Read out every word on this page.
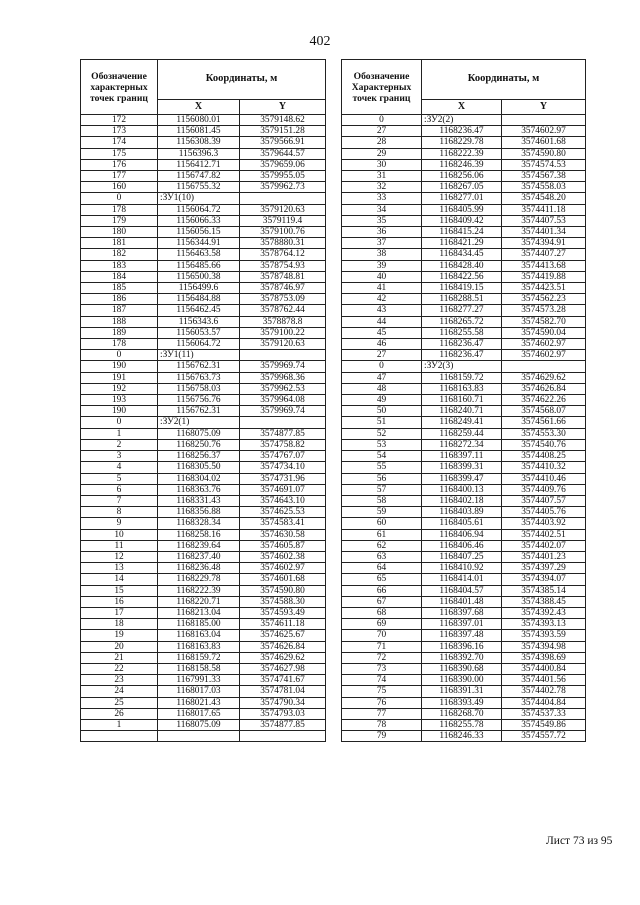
402
Обозначение характерных точек границ	Координаты, м	
	X	Y
172	1156080.01	3579148.62
173	1156081.45	3579151.28
174	1156308.39	3579566.91
175	1156396.3	3579644.57
176	1156412.71	3579659.06
177	1156747.82	3579955.05
160	1156755.32	3579962.73
0	:ЗУ1(10)	
178	1156064.72	3579120.63
179	1156066.33	3579119.4
180	1156056.15	3579100.76
181	1156344.91	3578880.31
182	1156463.58	3578764.12
183	1156485.66	3578754.93
184	1156500.38	3578748.81
185	1156499.6	3578746.97
186	1156484.88	3578753.09
187	1156462.45	3578762.44
188	1156343.6	3578878.8
189	1156053.57	3579100.22
178	1156064.72	3579120.63
0	:ЗУ1(11)	
190	1156762.31	3579969.74
191	1156763.73	3579968.36
192	1156758.03	3579962.53
193	1156756.76	3579964.08
190	1156762.31	3579969.74
0	:ЗУ2(1)	
1	1168075.09	3574877.85
2	1168250.76	3574758.82
3	1168256.37	3574767.07
4	1168305.50	3574734.10
5	1168304.02	3574731.96
6	1168363.76	3574691.07
7	1168331.43	3574643.10
8	1168356.88	3574625.53
9	1168328.34	3574583.41
10	1168258.16	3574630.58
11	1168239.64	3574605.87
12	1168237.40	3574602.38
13	1168236.48	3574602.97
14	1168229.78	3574601.68
15	1168222.39	3574590.80
16	1168220.71	3574588.30
17	1168213.04	3574593.49
18	1168185.00	3574611.18
19	1168163.04	3574625.67
20	1168163.83	3574626.84
21	1168159.72	3574629.62
22	1168158.58	3574627.98
23	1167991.33	3574741.67
24	1168017.03	3574781.04
25	1168021.43	3574790.34
26	1168017.65	3574793.03
1	1168075.09	3574877.85

Обозначение Характерных точек границ	Координаты, м	
	X	Y
0	:ЗУ2(2)	
27	1168236.47	3574602.97
28	1168229.78	3574601.68
29	1168222.39	3574590.80
30	1168246.39	3574574.53
31	1168256.06	3574567.38
32	1168267.05	3574558.03
33	1168277.01	3574548.20
34	1168405.99	3574411.18
35	1168409.42	3574407.53
36	1168415.24	3574401.34
37	1168421.29	3574394.91
38	1168434.45	3574407.27
39	1168428.40	3574413.68
40	1168422.56	3574419.88
41	1168419.15	3574423.51
42	1168288.51	3574562.23
43	1168277.27	3574573.28
44	1168265.72	3574582.70
45	1168255.58	3574590.04
46	1168236.47	3574602.97
27	1168236.47	3574602.97
0	:ЗУ2(3)	
47	1168159.72	3574629.62
48	1168163.83	3574626.84
49	1168160.71	3574622.26
50	1168240.71	3574568.07
51	1168249.41	3574561.66
52	1168259.44	3574553.30
53	1168272.34	3574540.76
54	1168397.11	3574408.25
55	1168399.31	3574410.32
56	1168399.47	3574410.46
57	1168400.13	3574409.76
58	1168402.18	3574407.57
59	1168403.89	3574405.76
60	1168405.61	3574403.92
61	1168406.94	3574402.51
62	1168406.46	3574402.07
63	1168407.25	3574401.23
64	1168410.92	3574397.29
65	1168414.01	3574394.07
66	1168404.57	3574385.14
67	1168401.48	3574388.45
68	1168397.68	3574392.43
69	1168397.01	3574393.13
70	1168397.48	3574393.59
71	1168396.16	3574394.98
72	1168392.70	3574398.69
73	1168390.68	3574400.84
74	1168390.00	3574401.56
75	1168391.31	3574402.78
76	1168393.49	3574404.84
77	1168268.70	3574537.33
78	1168255.78	3574549.86
79	1168246.33	3574557.72
Лист 73 из 95
